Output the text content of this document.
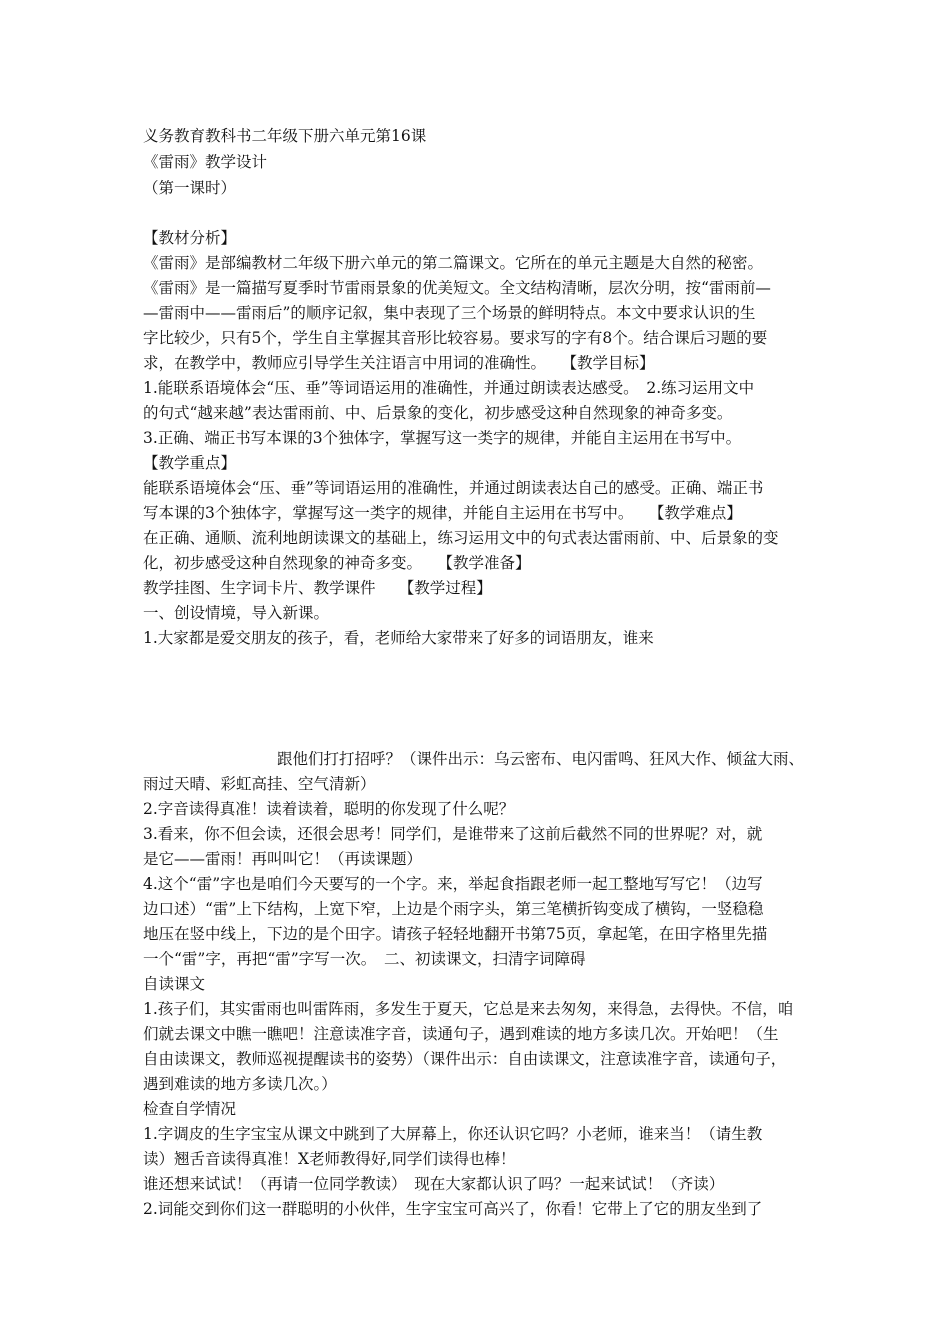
义务教育教科书二年级下册六单元第16课
《雷雨》教学设计
（第一课时）
【教材分析】
《雷雨》是部编教材二年级下册六单元的第二篇课文。它所在的单元主题是大自然的秘密。
《雷雨》是一篇描写夏季时节雷雨景象的优美短文。全文结构清晰，层次分明，按“雷雨前—
—雷雨中——雷雨后”的顺序记叙，集中表现了三个场景的鲜明特点。本文中要求认识的生
字比较少，只有5个，学生自主掌握其音形比较容易。要求写的字有8个。结合课后习题的要
求，在教学中，教师应引导学生关注语言中用词的准确性。　　【教学目标】
1.能联系语境体会“压、垂”等词语运用的准确性，并通过朗读表达感受。　2.练习运用文中
的句式“越来越”表达雷雨前、中、后景象的变化，初步感受这种自然现象的神奇多变。
3.正确、端正书写本课的3个独体字，掌握写这一类字的规律，并能自主运用在书写中。
【教学重点】
能联系语境体会“压、垂”等词语运用的准确性，并通过朗读表达自己的感受。正确、端正书
写本课的3个独体字，掌握写这一类字的规律，并能自主运用在书写中。　　【教学难点】
在正确、通顺、流利地朗读课文的基础上，练习运用文中的句式表达雷雨前、中、后景象的变
化，初步感受这种自然现象的神奇多变。　　【教学准备】
教学挂图、生字词卡片、教学课件　　【教学过程】
一、创设情境，导入新课。
1.大家都是爱交朋友的孩子，看，老师给大家带来了好多的词语朋友，谁来
跟他们打打招呼？（课件出示：乌云密布、电闪雷鸣、狂风大作、倾盆大雨、
雨过天晴、彩虹高挂、空气清新）
2.字音读得真准！读着读着，聪明的你发现了什么呢？
3.看来，你不但会读，还很会思考！同学们，是谁带来了这前后截然不同的世界呢？对，就
是它——雷雨！再叫叫它！（再读课题）
4.这个“雷”字也是咱们今天要写的一个字。来，举起食指跟老师一起工整地写写它！（边写
边口述）“雷”上下结构，上宽下窄，上边是个雨字头，第三笔横折钩变成了横钩，一竖稳稳
地压在竖中线上，下边的是个田字。请孩子轻轻地翻开书第75页，拿起笔，在田字格里先描
一个“雷”字，再把“雷”字写一次。　二、初读课文，扫清字词障碍
自读课文
1.孩子们，其实雷雨也叫雷阵雨，多发生于夏天，它总是来去匆匆，来得急，去得快。不信，咱
们就去课文中瞧一瞧吧！注意读准字音，读通句子，遇到难读的地方多读几次。开始吧！（生
自由读课文，教师巡视提醒读书的姿势）（课件出示：自由读课文，注意读准字音，读通句子，
遇到难读的地方多读几次。）
检查自学情况
1.字调皮的生字宝宝从课文中跳到了大屏幕上，你还认识它吗？小老师，谁来当！（请生教
读）翘舌音读得真准！X老师教得好,同学们读得也棒！
谁还想来试试！（再请一位同学教读）　现在大家都认识了吗？一起来试试！（齐读）
2.词能交到你们这一群聪明的小伙伴，生字宝宝可高兴了，你看！它带上了它的朋友坐到了
